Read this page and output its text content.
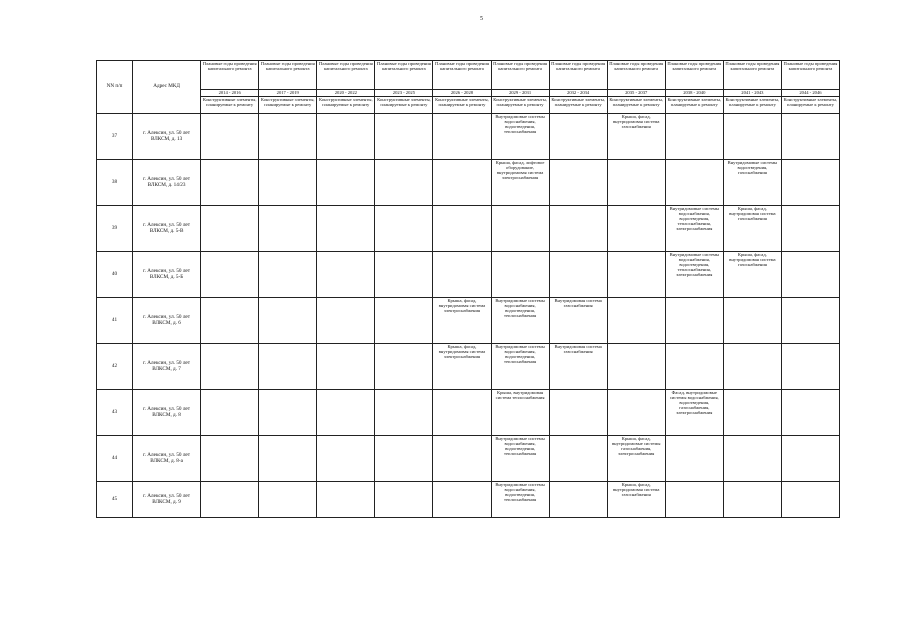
5
NN п/п	Адрес МКД	Плановые годы проведения капитального ремонта	Плановые годы проведения капитального ремонта	Плановые годы проведения капитального ремонта	Плановые годы проведения капитального ремонта	Плановые годы проведения капитального ремонта	Плановые годы проведения капитального ремонта	Плановые годы проведения капитального ремонта	Плановые годы проведения капитального ремонта	Плановые годы проведения капитального ремонта	Плановые годы проведения капитального ремонта	Плановые годы проведения капитального ремонта
		2014 - 2016	2017 - 2019	2020 - 2022	2023 - 2025	2026 - 2028	2029 - 2031	2032 - 2034	2035 - 2037	2038 - 2040	2041 - 2043	2044 - 2046
		Конструктивные элементы, планируемые к ремонту	Конструктивные элементы, планируемые к ремонту	Конструктивные элементы, планируемые к ремонту	Конструктивные элементы, планируемые к ремонту	Конструктивные элементы, планируемые к ремонту	Конструктивные элементы, планируемые к ремонту	Конструктивные элементы, планируемые к ремонту	Конструктивные элементы, планируемые к ремонту	Конструктивные элементы, планируемые к ремонту	Конструктивные элементы, планируемые к ремонту	Конструктивные элементы, планируемые к ремонту
37	г. Алексин, ул. 50 лет ВЛКСМ, д. 13						Внутридомовые системы водоснабжения, водоотведения, теплоснабжения		Крыша, фасад, внутридомовая система газоснабжения			
38	г. Алексин, ул. 50 лет ВЛКСМ, д. 14/23						Крыша, фасад, лифтовое оборудование, внутридомовая система электроснабжения				Внутридомовые системы водоотведения, газоснабжения	
39	г. Алексин, ул. 50 лет ВЛКСМ, д. 5-В									Внутридомовые системы водоснабжения, водоотведения, теплоснабжения, электроснабжения	Крыша, фасад, внутридомовая система газоснабжения	
40	г. Алексин, ул. 50 лет ВЛКСМ, д. 5-Б									Внутридомовые системы водоснабжения, водоотведения, теплоснабжения, электроснабжения	Крыша, фасад, внутридомовая система газоснабжения	
41	г. Алексин, ул. 50 лет ВЛКСМ, д. 6					Крыша, фасад, внутридомовая система электроснабжения	Внутридомовые системы водоснабжения, водоотведения, теплоснабжения	Внутридомовая система газоснабжения				
42	г. Алексин, ул. 50 лет ВЛКСМ, д. 7					Крыша, фасад, внутридомовая система электроснабжения	Внутридомовые системы водоснабжения, водоотведения, теплоснабжения	Внутридомовая система газоснабжения				
43	г. Алексин, ул. 50 лет ВЛКСМ, д. 8						Крыша, внутридомовая система теплоснабжения			Фасад, внутридомовые системы водоснабжения, водоотведения, газоснабжения, электроснабжения		
44	г. Алексин, ул. 50 лет ВЛКСМ, д. 8-а						Внутридомовые системы водоснабжения, водоотведения, теплоснабжения		Крыша, фасад, внутридомовые системы газоснабжения, электроснабжения			
45	г. Алексин, ул. 50 лет ВЛКСМ, д. 9						Внутридомовые системы водоснабжения, водоотведения, теплоснабжения		Крыша, фасад, внутридомовая система газоснабжения			
